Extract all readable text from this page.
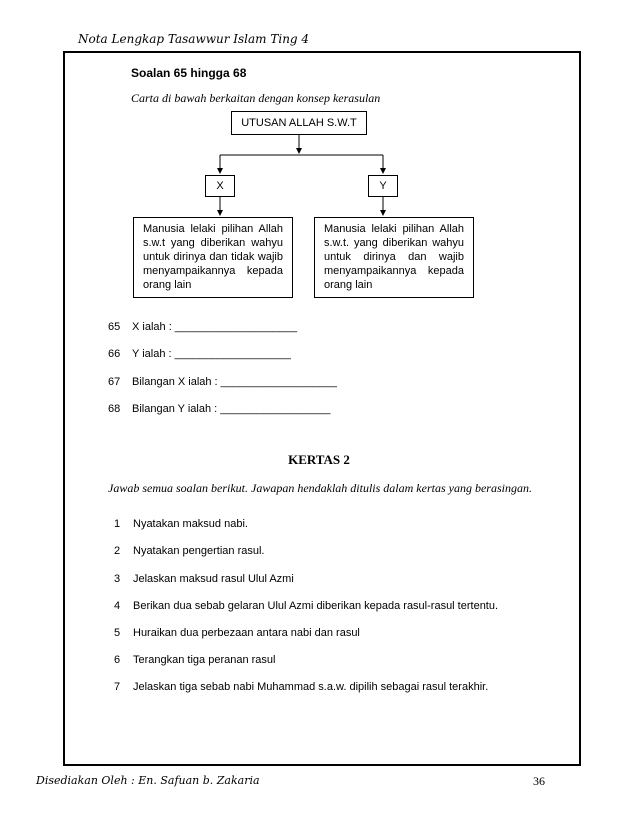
Nota Lengkap Tasawwur Islam Ting 4
Soalan 65 hingga 68
Carta di bawah berkaitan dengan konsep kerasulan
UTUSAN ALLAH S.W.T
X	Y
Manusia lelaki pilihan Allah s.w.t yang diberikan wahyu untuk dirinya dan tidak wajib menyampaikannya kepada orang lain
Manusia lelaki pilihan Allah s.w.t. yang diberikan wahyu untuk dirinya dan wajib menyampaikannya kepada orang lain
65 X ialah : ____________________
66 Y ialah : ___________________
67 Bilangan X ialah : ___________________
68 Bilangan Y ialah : __________________
KERTAS 2
Jawab semua soalan berikut. Jawapan hendaklah ditulis dalam kertas yang berasingan.
1 Nyatakan maksud nabi.
2 Nyatakan pengertian rasul.
3 Jelaskan maksud rasul Ulul Azmi
4 Berikan dua sebab gelaran Ulul Azmi diberikan kepada rasul-rasul tertentu.
5 Huraikan dua perbezaan antara nabi dan rasul
6 Terangkan tiga peranan rasul
7 Jelaskan tiga sebab nabi Muhammad s.a.w. dipilih sebagai rasul terakhir.
Disediakan Oleh : En. Safuan b. Zakaria	36
